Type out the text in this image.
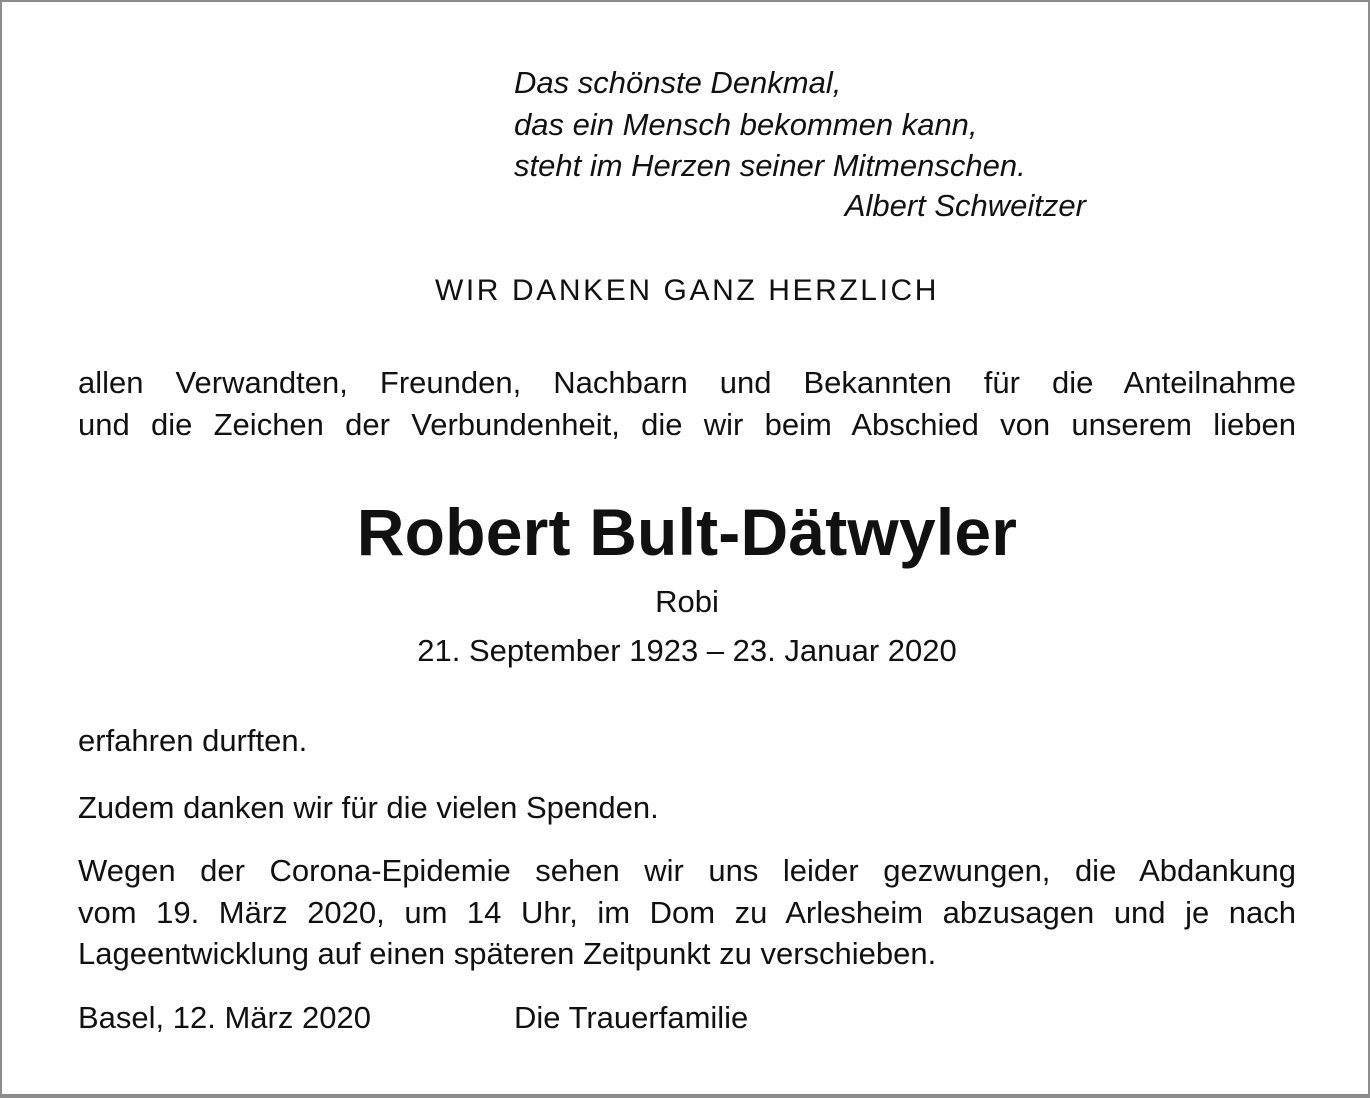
Das schönste Denkmal,
das ein Mensch bekommen kann,
steht im Herzen seiner Mitmenschen.
Albert Schweitzer
WIR DANKEN GANZ HERZLICH
allen Verwandten, Freunden, Nachbarn und Bekannten für die Anteilnahme
und die Zeichen der Verbundenheit, die wir beim Abschied von unserem lieben
Robert Bult-Dätwyler
Robi
21. September 1923 – 23. Januar 2020
erfahren durften.
Zudem danken wir für die vielen Spenden.
Wegen der Corona-Epidemie sehen wir uns leider gezwungen, die Abdankung
vom 19. März 2020, um 14 Uhr, im Dom zu Arlesheim abzusagen und je nach
Lageentwicklung auf einen späteren Zeitpunkt zu verschieben.
Basel, 12. März 2020	Die Trauerfamilie
